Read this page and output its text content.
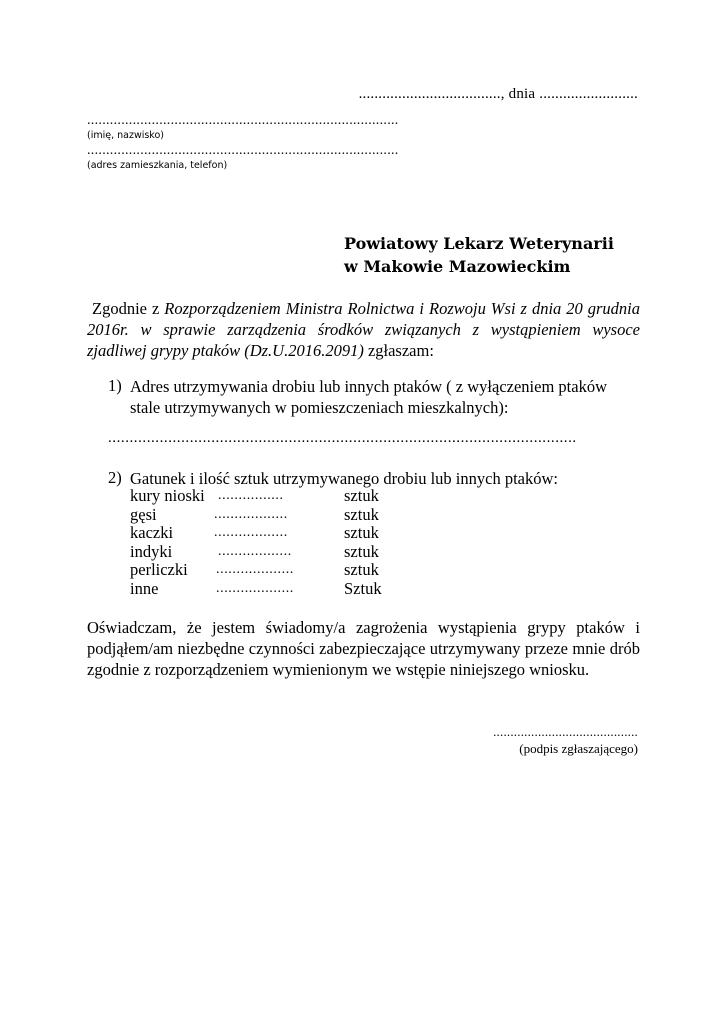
...................................., dnia .........................
..................................................................................
(imię, nazwisko)
..................................................................................
(adres zamieszkania, telefon)
Powiatowy Lekarz Weterynarii
w Makowie Mazowieckim
Zgodnie z Rozporządzeniem Ministra Rolnictwa i Rozwoju Wsi z dnia 20 grudnia 2016r. w sprawie zarządzenia środków związanych z wystąpieniem wysoce zjadliwej grypy ptaków (Dz.U.2016.2091) zgłaszam:
1) Adres utrzymywania drobiu lub innych ptaków ( z wyłączeniem ptaków
stale utrzymywanych w pomieszczeniach mieszkalnych):
.............................................................................................................
2) Gatunek i ilość sztuk utrzymywanego drobiu lub innych ptaków:
kury nioski ................	sztuk
gęsi	..................	sztuk
kaczki	..................	sztuk
indyki	..................	sztuk
perliczki ...................	sztuk
inne	...................	Sztuk
Oświadczam, że jestem świadomy/a zagrożenia wystąpienia grypy ptaków i podjąłem/am niezbędne czynności zabezpieczające utrzymywany przeze mnie drób zgodnie z rozporządzeniem wymienionym we wstępie niniejszego wniosku.
..........................................
(podpis zgłaszającego)
